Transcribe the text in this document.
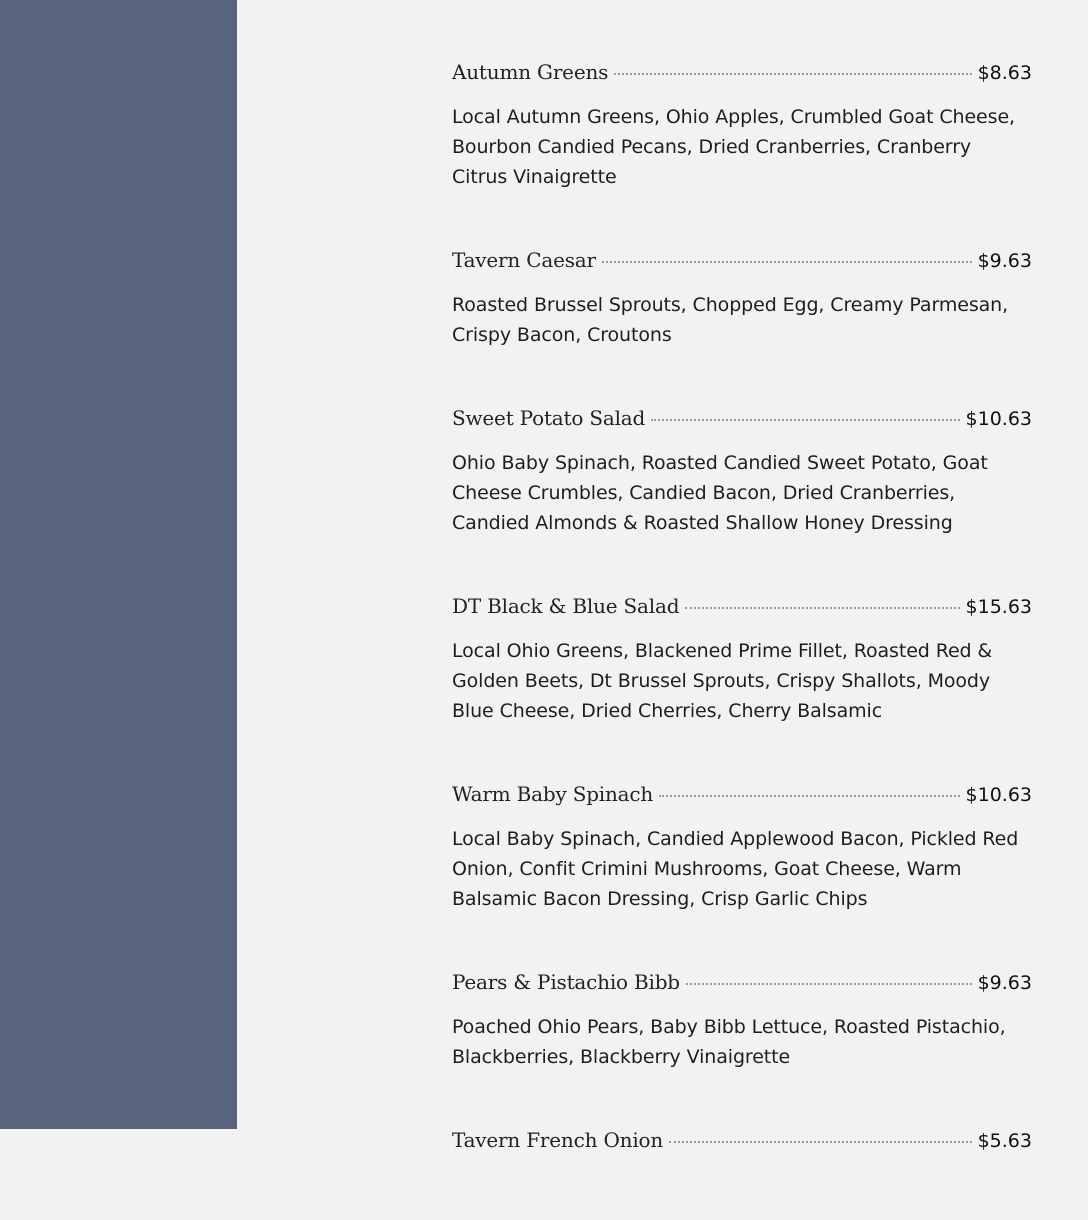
Autumn Greens	$8.63
Local Autumn Greens, Ohio Apples, Crumbled Goat Cheese, Bourbon Candied Pecans, Dried Cranberries, Cranberry Citrus Vinaigrette
Tavern Caesar	$9.63
Roasted Brussel Sprouts, Chopped Egg, Creamy Parmesan, Crispy Bacon, Croutons
Sweet Potato Salad	$10.63
Ohio Baby Spinach, Roasted Candied Sweet Potato, Goat Cheese Crumbles, Candied Bacon, Dried Cranberries, Candied Almonds & Roasted Shallow Honey Dressing
DT Black & Blue Salad	$15.63
Local Ohio Greens, Blackened Prime Fillet, Roasted Red & Golden Beets, Dt Brussel Sprouts, Crispy Shallots, Moody Blue Cheese, Dried Cherries, Cherry Balsamic
Warm Baby Spinach	$10.63
Local Baby Spinach, Candied Applewood Bacon, Pickled Red Onion, Confit Crimini Mushrooms, Goat Cheese, Warm Balsamic Bacon Dressing, Crisp Garlic Chips
Pears & Pistachio Bibb	$9.63
Poached Ohio Pears, Baby Bibb Lettuce, Roasted Pistachio, Blackberries, Blackberry Vinaigrette
Tavern French Onion	$5.63
